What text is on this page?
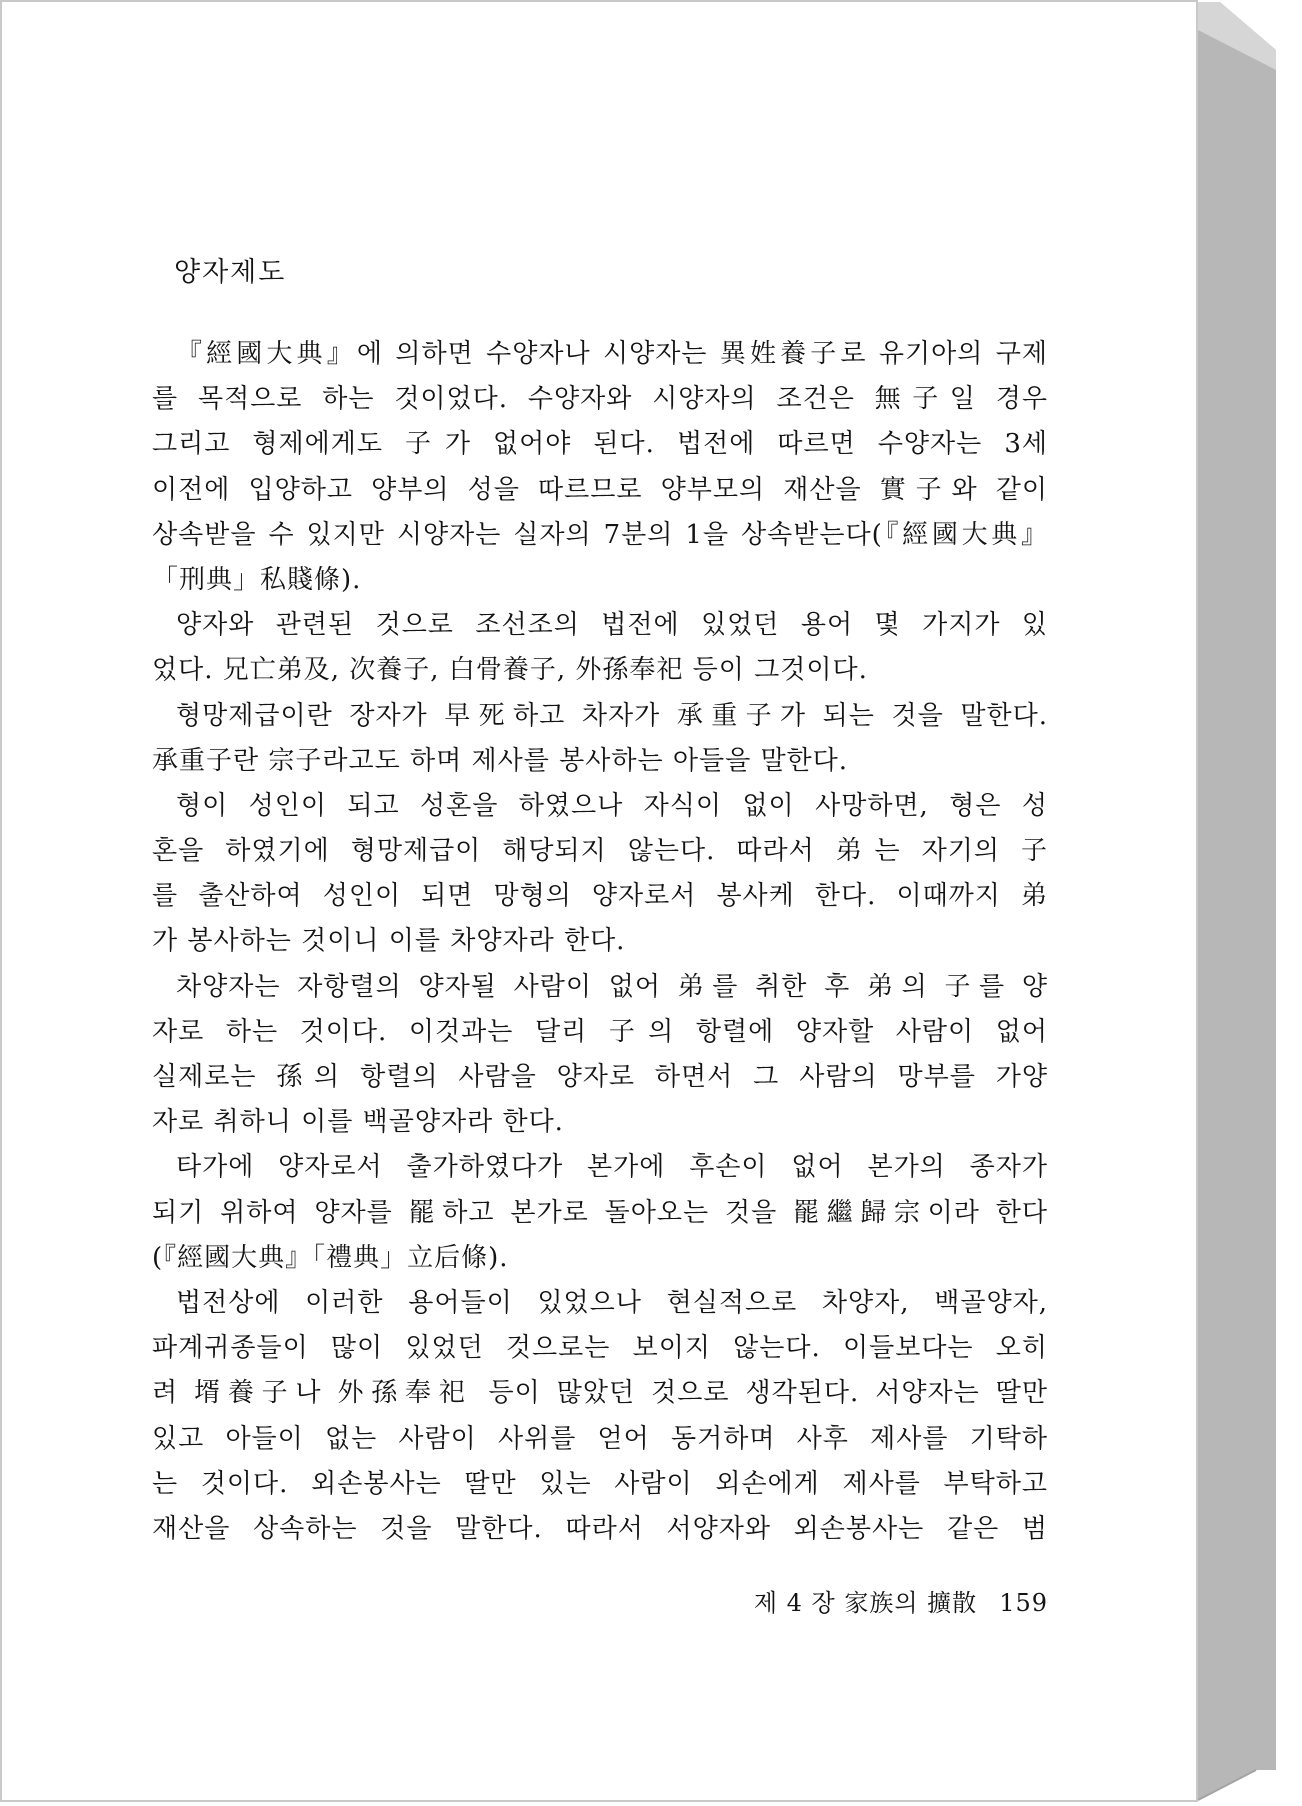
양자제도
『經國大典』에 의하면 수양자나 시양자는 異姓養子로 유기아의 구제
를 목적으로 하는 것이었다. 수양자와 시양자의 조건은 無子일 경우
그리고 형제에게도 子가 없어야 된다. 법전에 따르면 수양자는 3세
이전에 입양하고 양부의 성을 따르므로 양부모의 재산을 實子와 같이
상속받을 수 있지만 시양자는 실자의 7분의 1을 상속받는다(『經國大典』
「刑典」私賤條).
양자와 관련된 것으로 조선조의 법전에 있었던 용어 몇 가지가 있
었다. 兄亡弟及, 次養子, 白骨養子, 外孫奉祀 등이 그것이다.
형망제급이란 장자가 早死하고 차자가 承重子가 되는 것을 말한다.
承重子란 宗子라고도 하며 제사를 봉사하는 아들을 말한다.
형이 성인이 되고 성혼을 하였으나 자식이 없이 사망하면, 형은 성
혼을 하였기에 형망제급이 해당되지 않는다. 따라서 弟는 자기의 子
를 출산하여 성인이 되면 망형의 양자로서 봉사케 한다. 이때까지 弟
가 봉사하는 것이니 이를 차양자라 한다.
차양자는 자항렬의 양자될 사람이 없어 弟를 취한 후 弟의 子를 양
자로 하는 것이다. 이것과는 달리 子의 항렬에 양자할 사람이 없어
실제로는 孫의 항렬의 사람을 양자로 하면서 그 사람의 망부를 가양
자로 취하니 이를 백골양자라 한다.
타가에 양자로서 출가하였다가 본가에 후손이 없어 본가의 종자가
되기 위하여 양자를 罷하고 본가로 돌아오는 것을 罷繼歸宗이라 한다
(『經國大典』「禮典」立后條).
법전상에 이러한 용어들이 있었으나 현실적으로 차양자, 백골양자,
파계귀종들이 많이 있었던 것으로는 보이지 않는다. 이들보다는 오히
려 壻養子나 外孫奉祀 등이 많았던 것으로 생각된다. 서양자는 딸만
있고 아들이 없는 사람이 사위를 얻어 동거하며 사후 제사를 기탁하
는 것이다. 외손봉사는 딸만 있는 사람이 외손에게 제사를 부탁하고
재산을 상속하는 것을 말한다. 따라서 서양자와 외손봉사는 같은 범
제 4 장 家族의 擴散 159
